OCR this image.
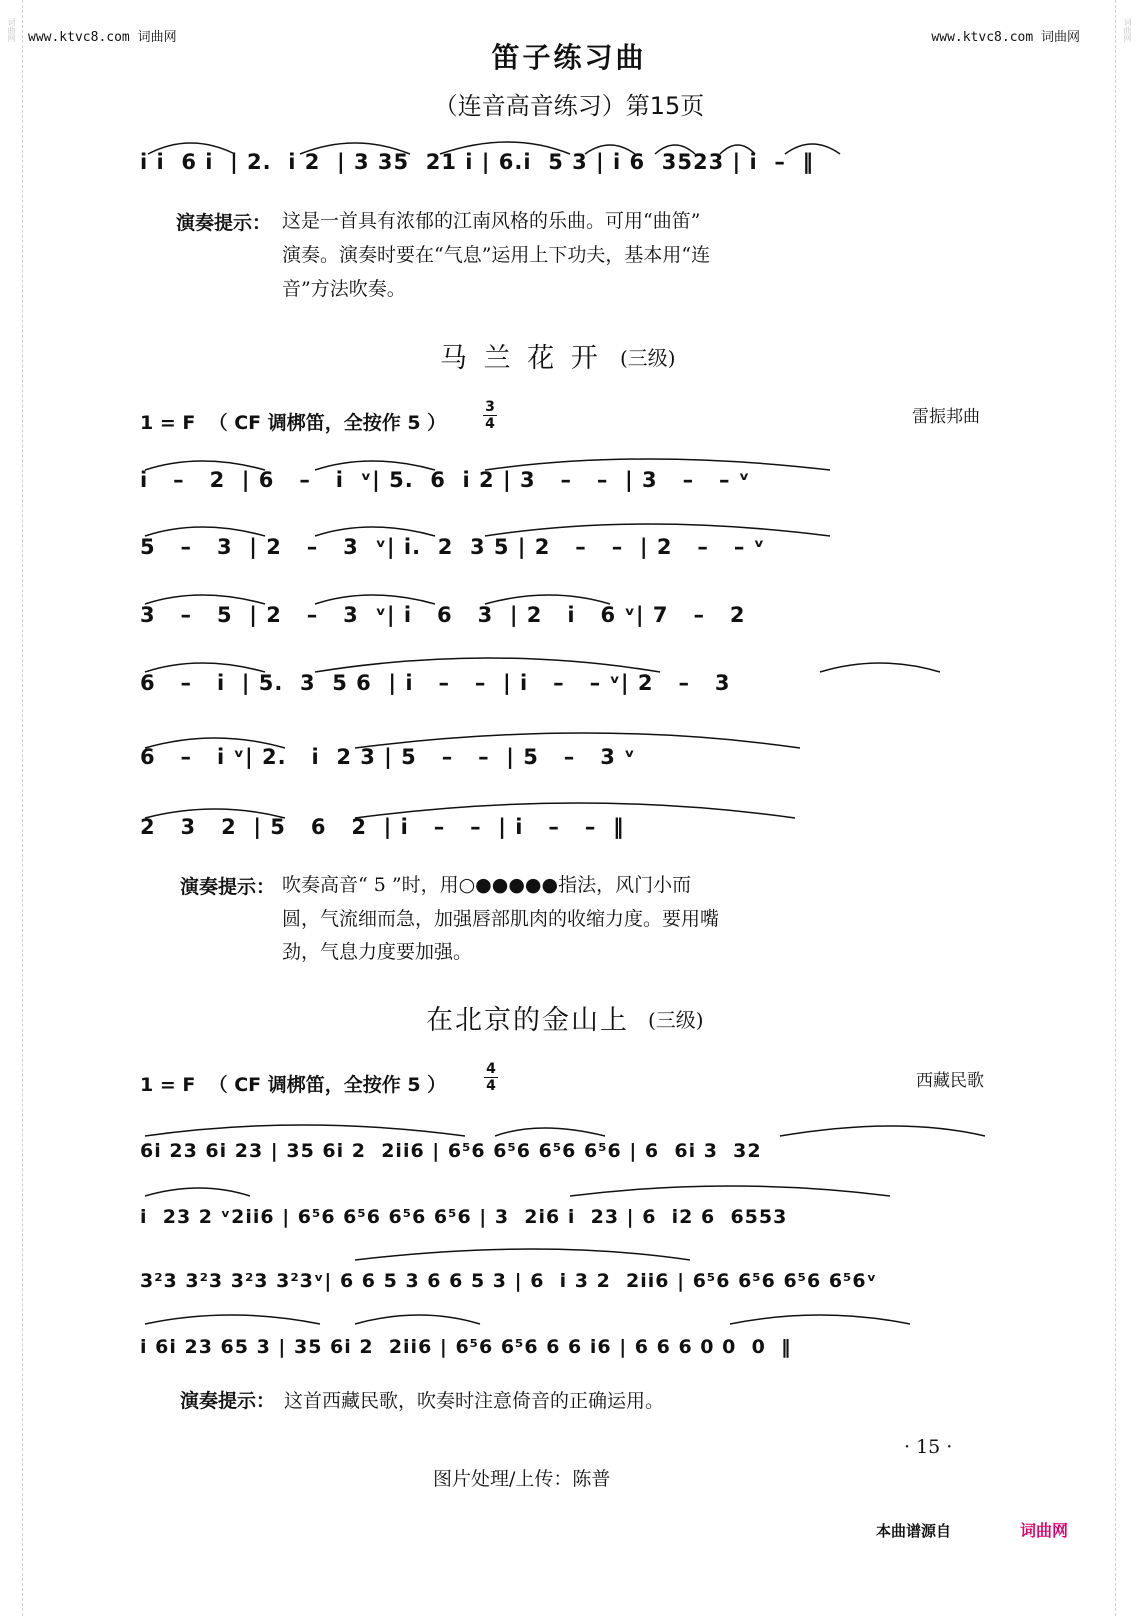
词曲网	词曲网
www.ktvc8.com 词曲网	www.ktvc8.com 词曲网
笛子练习曲
（连音高音练习）第15页
i i  6 i  | 2.  i 2  | 3 35  21 i | 6.i  5 3 | i 6  3523 | i  –  ‖
演奏提示： 这是一首具有浓郁的江南风格的乐曲。可用“曲笛”
演奏。演奏时要在“气息”运用上下功夫，基本用“连
音”方法吹奏。
马 兰 花 开 (三级)
1 = F  （ CF 调梆笛，全按作 5 ）
3
4	雷振邦曲
i   –   2  | 6   –   i  ᵛ| 5.  6  i 2 | 3   –   –  | 3   –   – ᵛ
5   –   3  | 2   –   3  ᵛ| i.  2  3 5 | 2   –   –  | 2   –   – ᵛ
3   –   5  | 2   –   3  ᵛ| i   6   3  | 2   i   6 ᵛ| 7   –   2
6   –   i  | 5.  3  5 6  | i   –   –  | i   –   – ᵛ| 2   –   3
6   –   i ᵛ| 2.   i  2 3 | 5   –   –  | 5   –   3 ᵛ
2   3   2  | 5   6   2  | i   –   –  | i   –   –  ‖
演奏提示： 吹奏高音“ 5 ”时，用○●●●●●指法，风门小而
圆，气流细而急，加强唇部肌肉的收缩力度。要用嘴
劲，气息力度要加强。
在北京的金山上 (三级)
1 = F  （ CF 调梆笛，全按作 5 ）
4
4	西藏民歌
6i 23 6i 23 | 35 6i 2  2ii6 | 6⁵6 6⁵6 6⁵6 6⁵6 | 6  6i 3  32
i  23 2 ᵛ2ii6 | 6⁵6 6⁵6 6⁵6 6⁵6 | 3  2i6 i  23 | 6  i2 6  6553
3²3 3²3 3²3 3²3ᵛ| 6 6 5 3 6 6 5 3 | 6  i 3 2  2ii6 | 6⁵6 6⁵6 6⁵6 6⁵6ᵛ
i 6i 23 65 3 | 35 6i 2  2ii6 | 6⁵6 6⁵6 6 6 i6 | 6 6 6 0 0  0  ‖
演奏提示： 这首西藏民歌，吹奏时注意倚音的正确运用。
· 15 ·
图片处理/上传：陈普
本曲谱源自	词曲网
